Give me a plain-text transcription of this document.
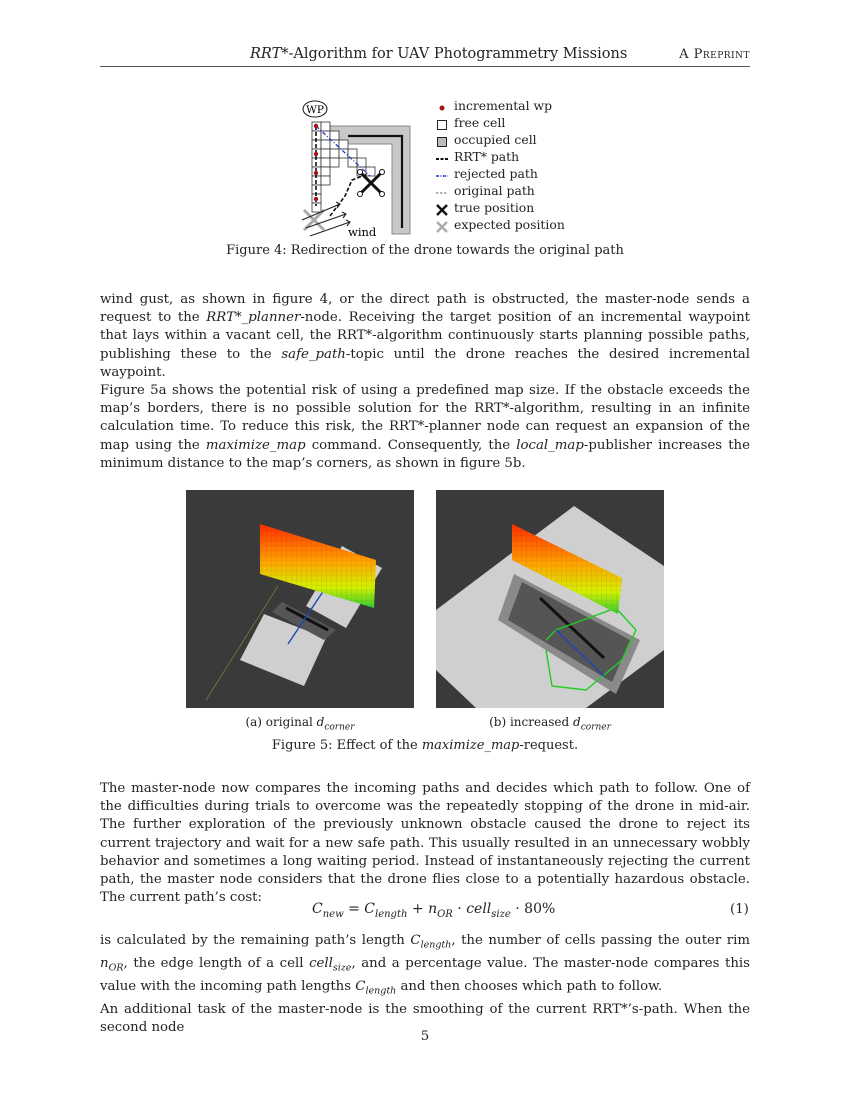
RRT*-Algorithm for UAV Photogrammetry Missions	A Preprint
WP
wind
incremental wp
free cell
occupied cell
RRT* path
rejected path
original path
true position
expected position
Figure 4: Redirection of the drone towards the original path

wind gust, as shown in figure 4, or the direct path is obstructed, the master-node sends a request to the RRT*_planner-node. Receiving the target position of an incremental waypoint that lays within a vacant cell, the RRT*-algorithm continuously starts planning possible paths, publishing these to the safe_path-topic until the drone reaches the desired incremental waypoint.

Figure 5a shows the potential risk of using a predefined map size. If the obstacle exceeds the map’s borders, there is no possible solution for the RRT*-algorithm, resulting in an infinite calculation time. To reduce this risk, the RRT*-planner node can request an expansion of the map using the maximize_map command. Consequently, the local_map-publisher increases the minimum distance to the map’s corners, as shown in figure 5b.

(a) original $d_{corner}$	(b) increased $d_{corner}$
Figure 5: Effect of the maximize_map-request.

The master-node now compares the incoming paths and decides which path to follow. One of the difficulties during trials to overcome was the repeatedly stopping of the drone in mid-air. The further exploration of the previously unknown obstacle caused the drone to reject its current trajectory and wait for a new safe path. This usually resulted in an unnecessary wobbly behavior and sometimes a long waiting period. Instead of instantaneously rejecting the current path, the master node considers that the drone flies close to a potentially hazardous obstacle. The current path’s cost:

$C_{new} = C_{length} + n_{OR}$ · cell$_{size}$ · 80%	(1)

is calculated by the remaining path’s length $C_{length}$, the number of cells passing the outer rim $n_{OR}$, the edge length of a cell cell$_{size}$, and a percentage value. The master-node compares this value with the incoming path lengths $C_{length}$ and then chooses which path to follow.

An additional task of the master-node is the smoothing of the current RRT*’s-path. When the second node

5
